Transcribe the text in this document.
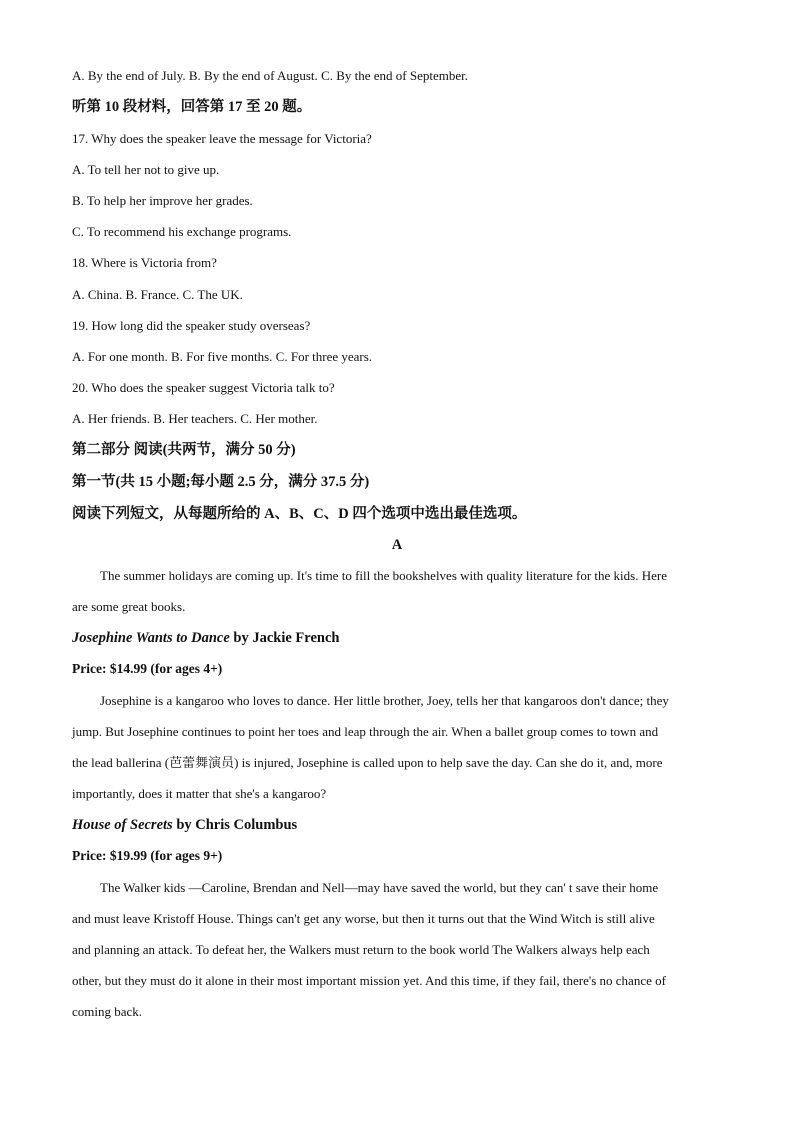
A. By the end of July. B. By the end of August. C. By the end of September.
听第 10 段材料，回答第 17 至 20 题。
17. Why does the speaker leave the message for Victoria?
A. To tell her not to give up.
B. To help her improve her grades.
C. To recommend his exchange programs.
18. Where is Victoria from?
A. China. B. France. C. The UK.
19. How long did the speaker study overseas?
A. For one month. B. For five months. C. For three years.
20. Who does the speaker suggest Victoria talk to?
A. Her friends. B. Her teachers. C. Her mother.
第二部分 阅读(共两节，满分 50 分)
第一节(共 15 小题;每小题 2.5 分，满分 37.5 分)
阅读下列短文，从每题所给的 A、B、C、D 四个选项中选出最佳选项。
A
The summer holidays are coming up. It's time to fill the bookshelves with quality literature for the kids. Here
are some great books.
Josephine Wants to Dance by Jackie French
Price: $14.99 (for ages 4+)
Josephine is a kangaroo who loves to dance. Her little brother, Joey, tells her that kangaroos don't dance; they
jump. But Josephine continues to point her toes and leap through the air. When a ballet group comes to town and
the lead ballerina (芭蕾舞演员) is injured, Josephine is called upon to help save the day. Can she do it, and, more
importantly, does it matter that she's a kangaroo?
House of Secrets by Chris Columbus
Price: $19.99 (for ages 9+)
The Walker kids —Caroline, Brendan and Nell—may have saved the world, but they can' t save their home
and must leave Kristoff House. Things can't get any worse, but then it turns out that the Wind Witch is still alive
and planning an attack. To defeat her, the Walkers must return to the book world The Walkers always help each
other, but they must do it alone in their most important mission yet. And this time, if they fail, there's no chance of
coming back.
